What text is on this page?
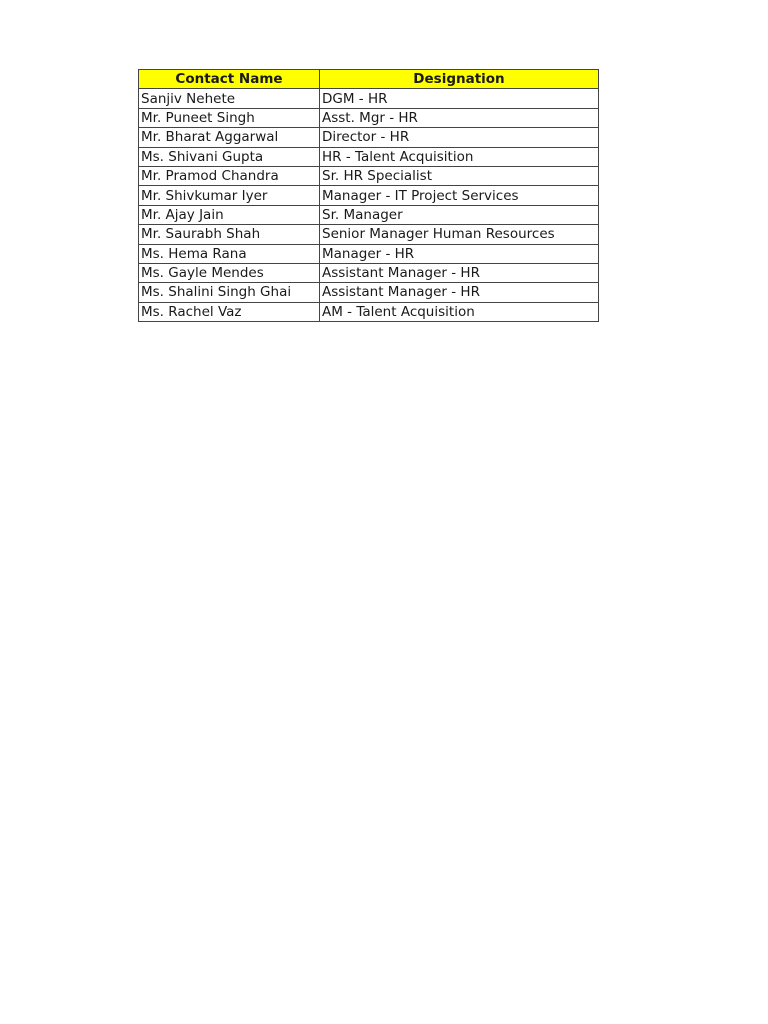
Contact Name	Designation
Sanjiv Nehete	DGM - HR
Mr. Puneet Singh	Asst. Mgr - HR
Mr. Bharat Aggarwal	Director - HR
Ms. Shivani Gupta	HR - Talent Acquisition
Mr. Pramod Chandra	Sr. HR Specialist
Mr. Shivkumar Iyer	Manager - IT Project Services
Mr. Ajay Jain	Sr. Manager
Mr. Saurabh Shah	Senior Manager Human Resources
Ms. Hema Rana	Manager - HR
Ms. Gayle Mendes	Assistant Manager - HR
Ms. Shalini Singh Ghai	Assistant Manager - HR
Ms. Rachel Vaz	AM - Talent Acquisition
